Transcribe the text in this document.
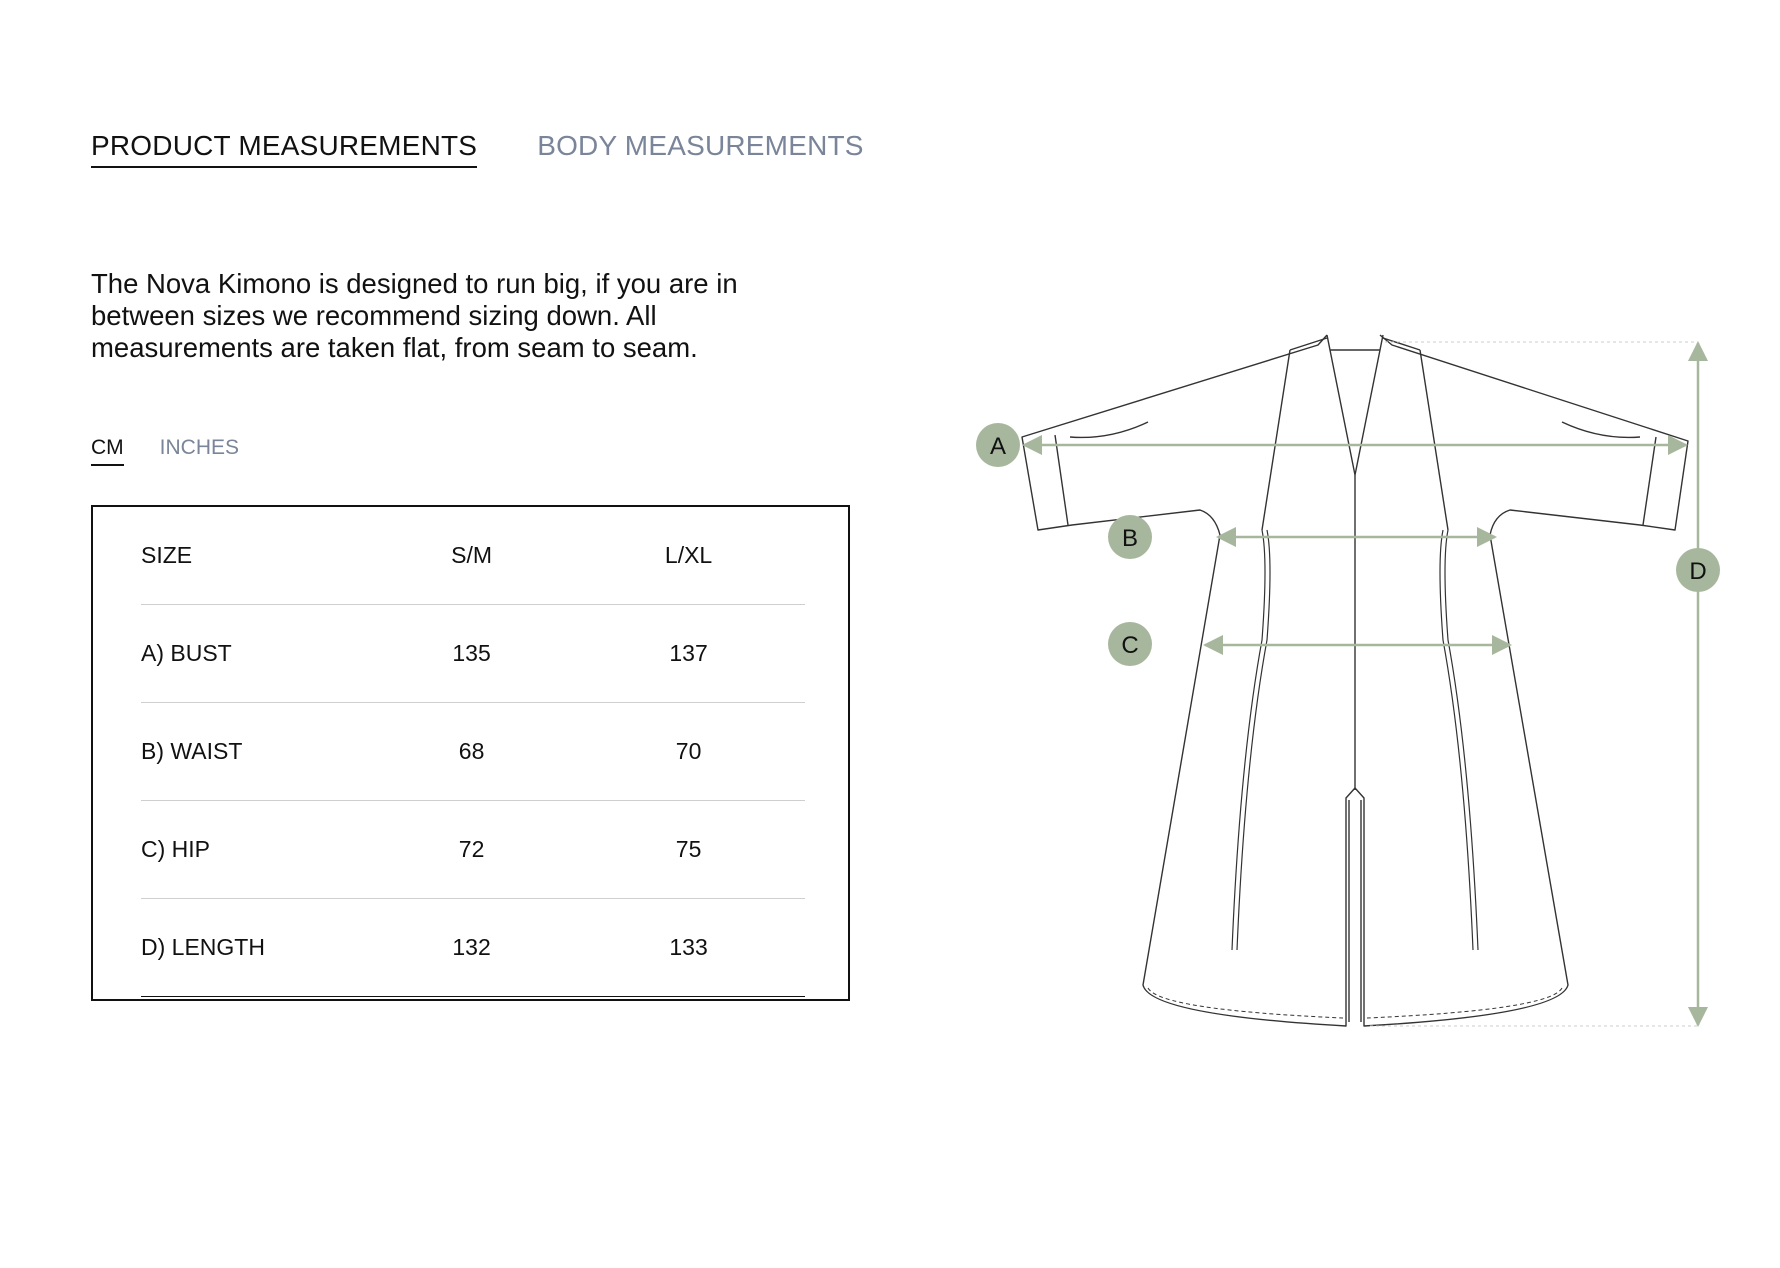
PRODUCT MEASUREMENTS BODY MEASUREMENTS
The Nova Kimono is designed to run big, if you are in between sizes we recommend sizing down. All measurements are taken flat, from seam to seam.
CM INCHES
SIZE	S/M	L/XL
A) BUST	135	137
B) WAIST	68	70
C) HIP	72	75
D) LENGTH	132	133
A
B
C
D
